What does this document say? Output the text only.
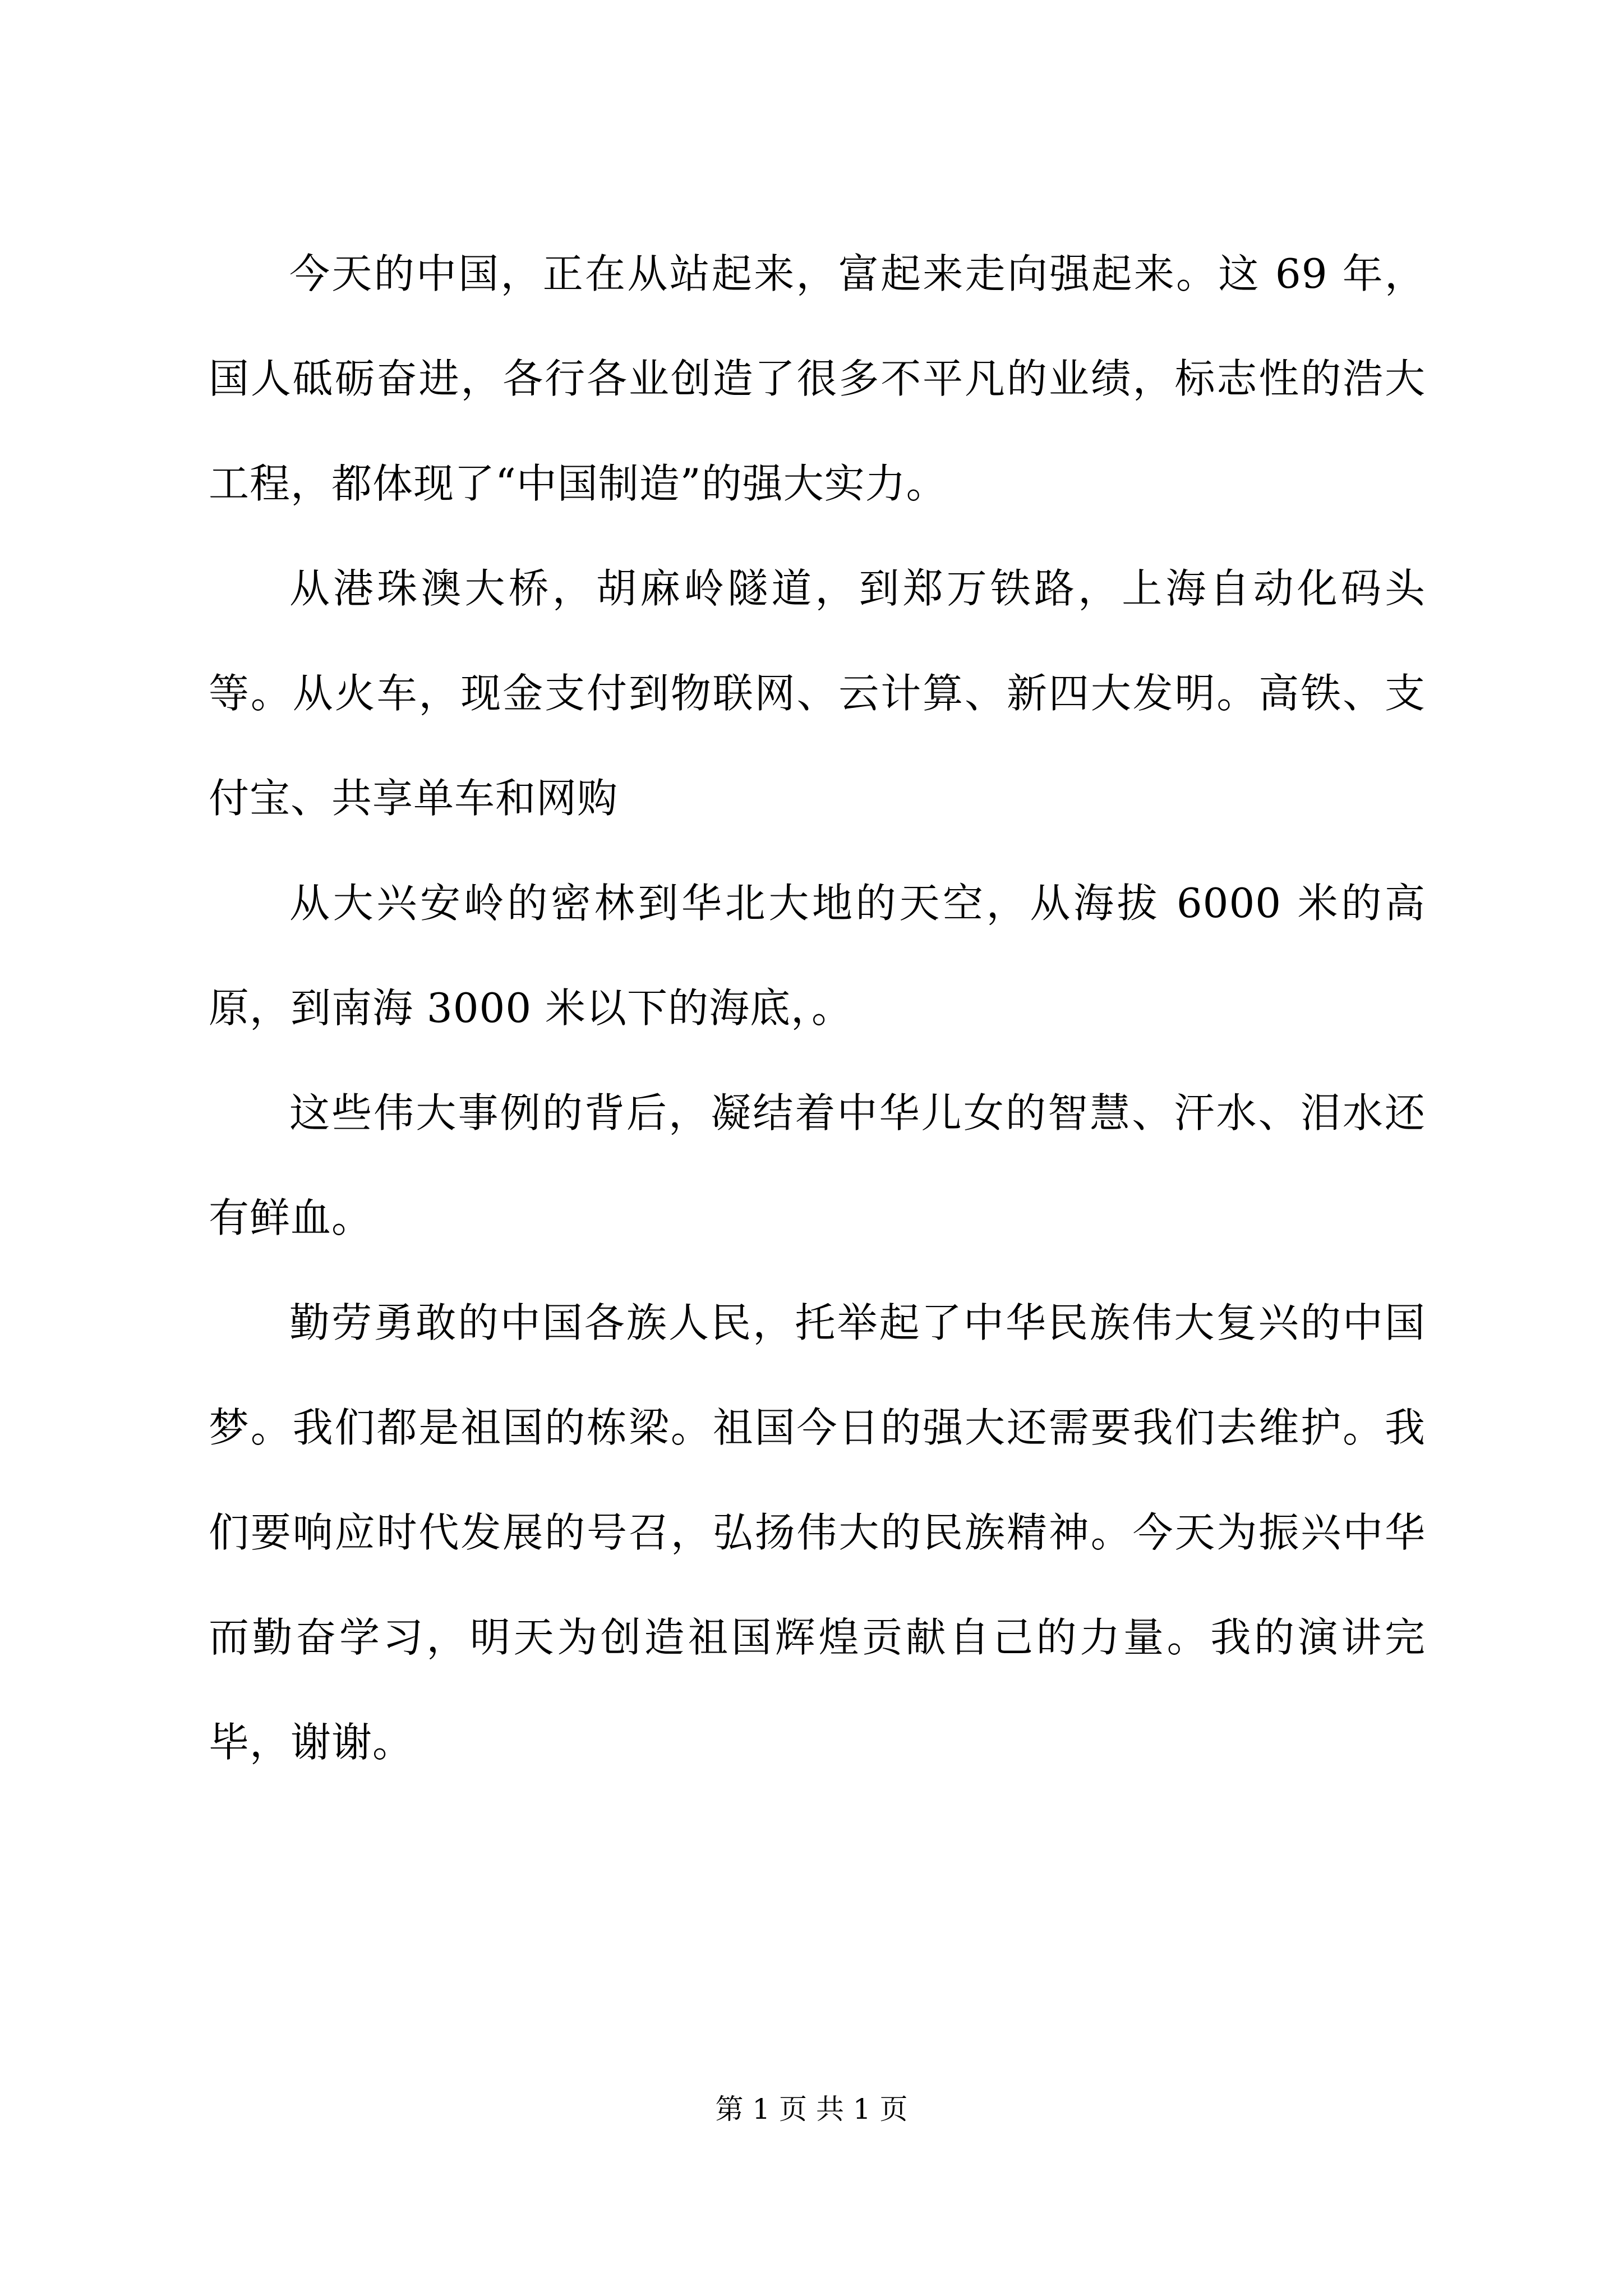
今天的中国，正在从站起来，富起来走向强起来。这 69 年，国人砥砺奋进，各行各业创造了很多不平凡的业绩，标志性的浩大工程，都体现了“中国制造”的强大实力。

从港珠澳大桥，胡麻岭隧道，到郑万铁路，上海自动化码头等。从火车，现金支付到物联网、云计算、新四大发明。高铁、支付宝、共享单车和网购

从大兴安岭的密林到华北大地的天空，从海拔 6000 米的高原，到南海 3000 米以下的海底，。

这些伟大事例的背后，凝结着中华儿女的智慧、汗水、泪水还有鲜血。

勤劳勇敢的中国各族人民，托举起了中华民族伟大复兴的中国梦。我们都是祖国的栋梁。祖国今日的强大还需要我们去维护。我们要响应时代发展的号召，弘扬伟大的民族精神。今天为振兴中华而勤奋学习，明天为创造祖国辉煌贡献自己的力量。我的演讲完毕，谢谢。

第 1 页 共 1 页
